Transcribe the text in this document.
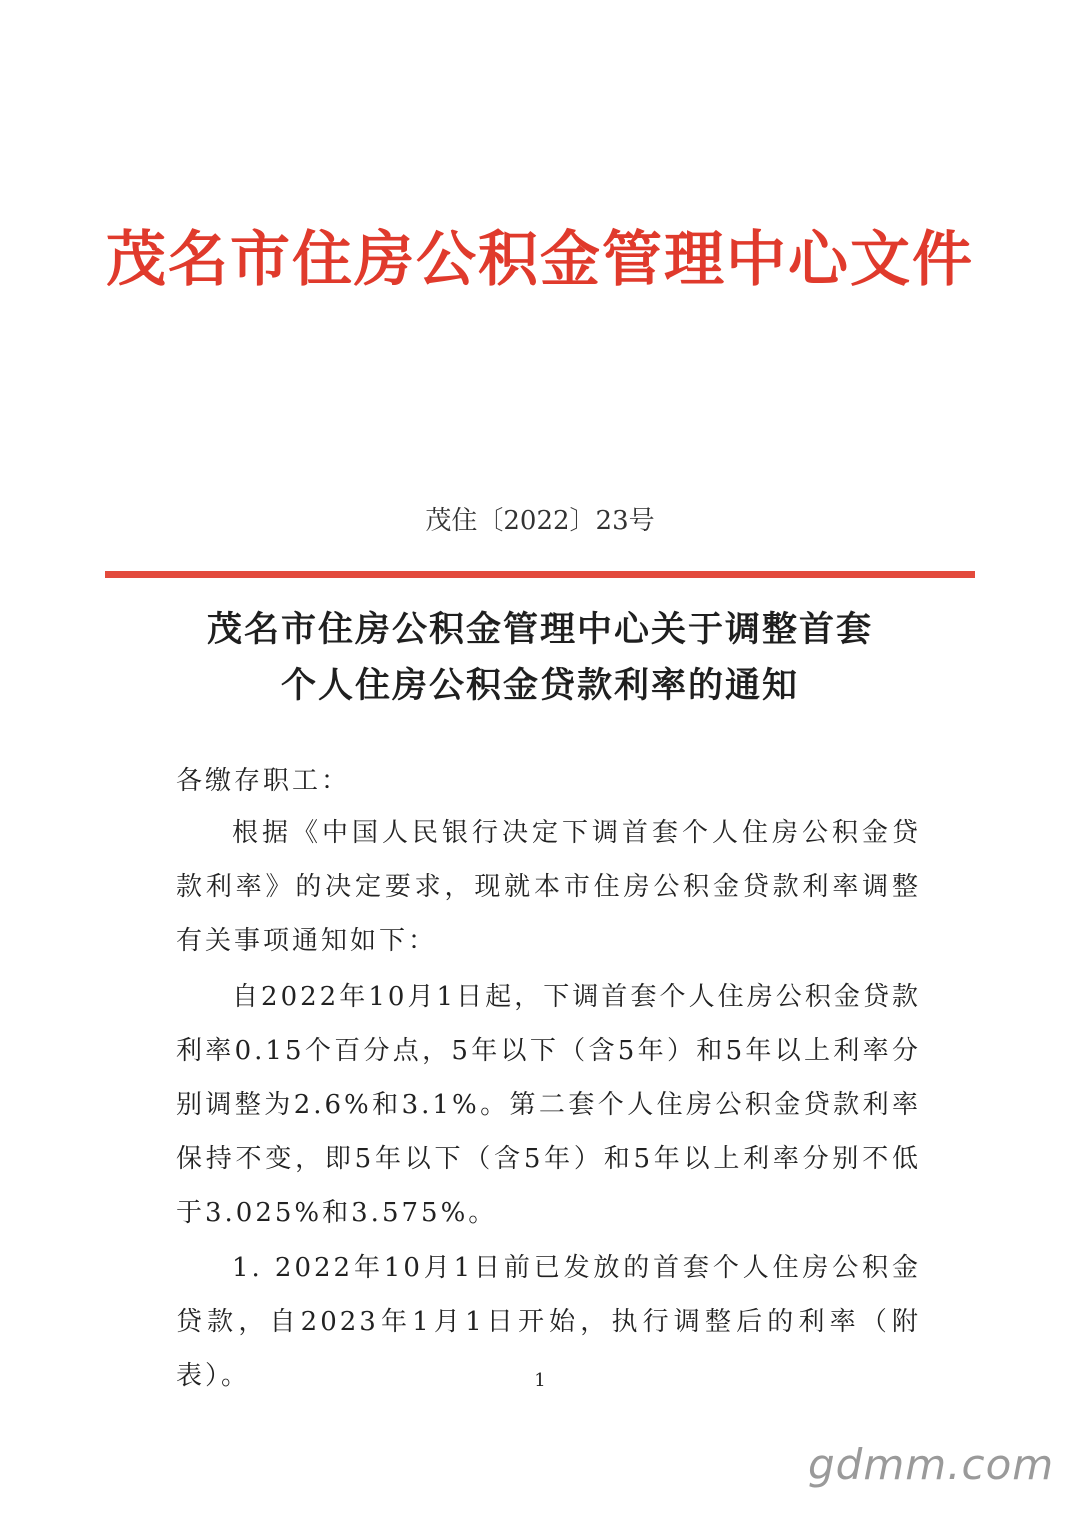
茂名市住房公积金管理中心文件
茂住〔2022〕23号
茂名市住房公积金管理中心关于调整首套
个人住房公积金贷款利率的通知
各缴存职工：
根据《中国人民银行决定下调首套个人住房公积金贷款利率》的决定要求，现就本市住房公积金贷款利率调整有关事项通知如下：
自2022年10月1日起，下调首套个人住房公积金贷款利率0.15个百分点，5年以下（含5年）和5年以上利率分别调整为2.6%和3.1%。第二套个人住房公积金贷款利率保持不变，即5年以下（含5年）和5年以上利率分别不低于3.025%和3.575%。
1. 2022年10月1日前已发放的首套个人住房公积金贷款，自2023年1月1日开始，执行调整后的利率（附表）。	1
gdmm.com
